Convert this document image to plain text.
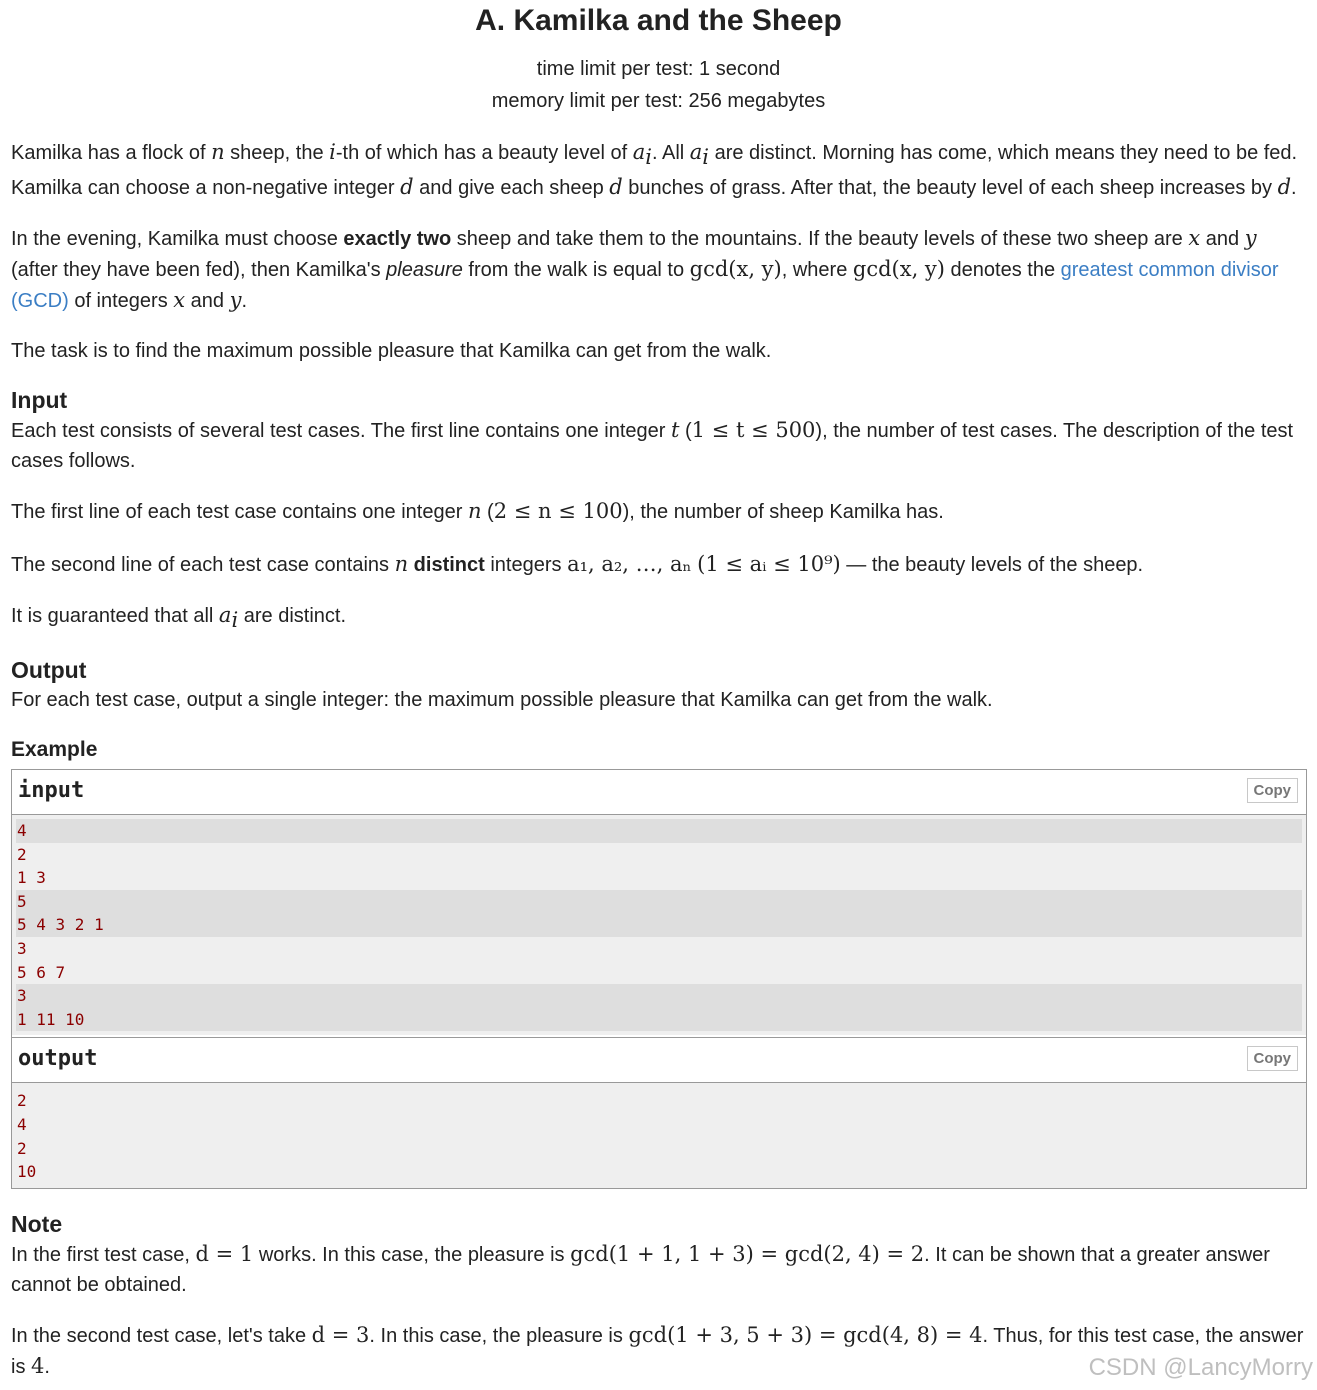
A. Kamilka and the Sheep
time limit per test: 1 second
memory limit per test: 256 megabytes

Kamilka has a flock of n sheep, the i-th of which has a beauty level of $a_i$. All $a_i$ are distinct. Morning has come, which means they need to be fed. Kamilka can choose a non-negative integer d and give each sheep d bunches of grass. After that, the beauty level of each sheep increases by d.

In the evening, Kamilka must choose exactly two sheep and take them to the mountains. If the beauty levels of these two sheep are x and y (after they have been fed), then Kamilka's pleasure from the walk is equal to gcd(x, y), where gcd(x, y) denotes the greatest common divisor (GCD) of integers x and y.

The task is to find the maximum possible pleasure that Kamilka can get from the walk.

Input

Each test consists of several test cases. The first line contains one integer t (1 ≤ t ≤ 500), the number of test cases. The description of the test cases follows.

The first line of each test case contains one integer n (2 ≤ n ≤ 100), the number of sheep Kamilka has.

The second line of each test case contains n distinct integers a₁, a₂, …, aₙ (1 ≤ aᵢ ≤ 10⁹) — the beauty levels of the sheep.

It is guaranteed that all $a_i$ are distinct.

Output

For each test case, output a single integer: the maximum possible pleasure that Kamilka can get from the walk.

Example
input	Copy
4
2
1 3
5
5 4 3 2 1
3
5 6 7
3
1 11 10
output	Copy
2
4
2
10
Note

In the first test case, d = 1 works. In this case, the pleasure is gcd(1 + 1, 1 + 3) = gcd(2, 4) = 2. It can be shown that a greater answer cannot be obtained.

In the second test case, let's take d = 3. In this case, the pleasure is gcd(1 + 3, 5 + 3) = gcd(4, 8) = 4. Thus, for this test case, the answer is 4.	CSDN @LancyMorry
